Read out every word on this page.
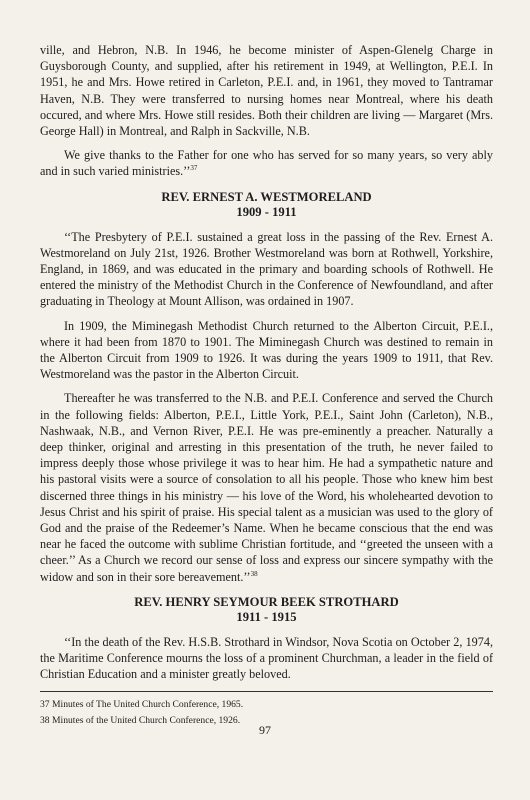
ville, and Hebron, N.B. In 1946, he become minister of Aspen-Glenelg Charge in Guysborough County, and supplied, after his retirement in 1949, at Wellington, P.E.I. In 1951, he and Mrs. Howe retired in Carleton, P.E.I. and, in 1961, they moved to Tantramar Haven, N.B. They were transferred to nursing homes near Montreal, where his death occured, and where Mrs. Howe still resides. Both their children are living — Margaret (Mrs. George Hall) in Montreal, and Ralph in Sackville, N.B.

We give thanks to the Father for one who has served for so many years, so very ably and in such varied ministries.’’$^{37}$

REV. ERNEST A. WESTMORELAND
1909 - 1911

‘‘The Presbytery of P.E.I. sustained a great loss in the passing of the Rev. Ernest A. Westmoreland on July 21st, 1926. Brother Westmoreland was born at Rothwell, Yorkshire, England, in 1869, and was educated in the primary and boarding schools of Rothwell. He entered the ministry of the Methodist Church in the Conference of Newfoundland, and after graduating in Theology at Mount Allison, was ordained in 1907.

In 1909, the Miminegash Methodist Church returned to the Alberton Circuit, P.E.I., where it had been from 1870 to 1901. The Miminegash Church was destined to remain in the Alberton Circuit from 1909 to 1926. It was during the years 1909 to 1911, that Rev. Westmoreland was the pastor in the Alberton Circuit.

Thereafter he was transferred to the N.B. and P.E.I. Conference and served the Church in the following fields: Alberton, P.E.I., Little York, P.E.I., Saint John (Carleton), N.B., Nashwaak, N.B., and Vernon River, P.E.I. He was pre-eminently a preacher. Naturally a deep thinker, original and arresting in this presentation of the truth, he never failed to impress deeply those whose privilege it was to hear him. He had a sympathetic nature and his pastoral visits were a source of consolation to all his people. Those who knew him best discerned three things in his ministry — his love of the Word, his wholehearted devotion to Jesus Christ and his spirit of praise. His special talent as a musician was used to the glory of God and the praise of the Redeemer’s Name. When he became conscious that the end was near he faced the outcome with sublime Christian fortitude, and ‘‘greeted the unseen with a cheer.’’ As a Church we record our sense of loss and express our sincere sympathy with the widow and son in their sore bereavement.’’$^{38}$

REV. HENRY SEYMOUR BEEK STROTHARD
1911 - 1915

‘‘In the death of the Rev. H.S.B. Strothard in Windsor, Nova Scotia on October 2, 1974, the Maritime Conference mourns the loss of a prominent Churchman, a leader in the field of Christian Education and a minister greatly beloved.

37 Minutes of The United Church Conference, 1965.

38 Minutes of the United Church Conference, 1926.

97
